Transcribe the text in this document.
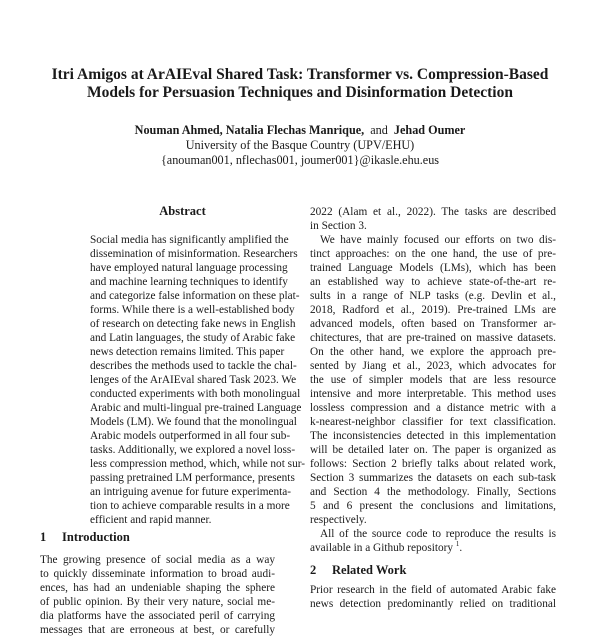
Itri Amigos at ArAIEval Shared Task: Transformer vs. Compression-Based
Models for Persuasion Techniques and Disinformation Detection
Nouman Ahmed, Natalia Flechas Manrique, and Jehad Oumer
University of the Basque Country (UPV/EHU)
{anouman001, nflechas001, joumer001}@ikasle.ehu.eus
Abstract
Social media has significantly amplified the
dissemination of misinformation. Researchers
have employed natural language processing
and machine learning techniques to identify
and categorize false information on these plat-
forms. While there is a well-established body
of research on detecting fake news in English
and Latin languages, the study of Arabic fake
news detection remains limited. This paper
describes the methods used to tackle the chal-
lenges of the ArAIEval shared Task 2023. We
conducted experiments with both monolingual
Arabic and multi-lingual pre-trained Language
Models (LM). We found that the monolingual
Arabic models outperformed in all four sub-
tasks. Additionally, we explored a novel loss-
less compression method, which, while not sur-
passing pretrained LM performance, presents
an intriguing avenue for future experimenta-
tion to achieve comparable results in a more
efficient and rapid manner.
1 Introduction
The growing presence of social media as a way
to quickly disseminate information to broad audi-
ences, has had an undeniable shaping the sphere
of public opinion. By their very nature, social me-
dia platforms have the associated peril of carrying
messages that are erroneous at best, or carefully
2022 (Alam et al., 2022). The tasks are described
in Section 3.
We have mainly focused our efforts on two dis-
tinct approaches: on the one hand, the use of pre-
trained Language Models (LMs), which has been
an established way to achieve state-of-the-art re-
sults in a range of NLP tasks (e.g. Devlin et al.,
2018, Radford et al., 2019). Pre-trained LMs are
advanced models, often based on Transformer ar-
chitectures, that are pre-trained on massive datasets.
On the other hand, we explore the approach pre-
sented by Jiang et al., 2023, which advocates for
the use of simpler models that are less resource
intensive and more interpretable. This method uses
lossless compression and a distance metric with a
k-nearest-neighbor classifier for text classification.
The inconsistencies detected in this implementation
will be detailed later on. The paper is organized as
follows: Section 2 briefly talks about related work,
Section 3 summarizes the datasets on each sub-task
and Section 4 the methodology. Finally, Sections
5 and 6 present the conclusions and limitations,
respectively.
All of the source code to reproduce the results is
available in a Github repository $^1$.
2 Related Work
Prior research in the field of automated Arabic fake
news detection predominantly relied on traditional
